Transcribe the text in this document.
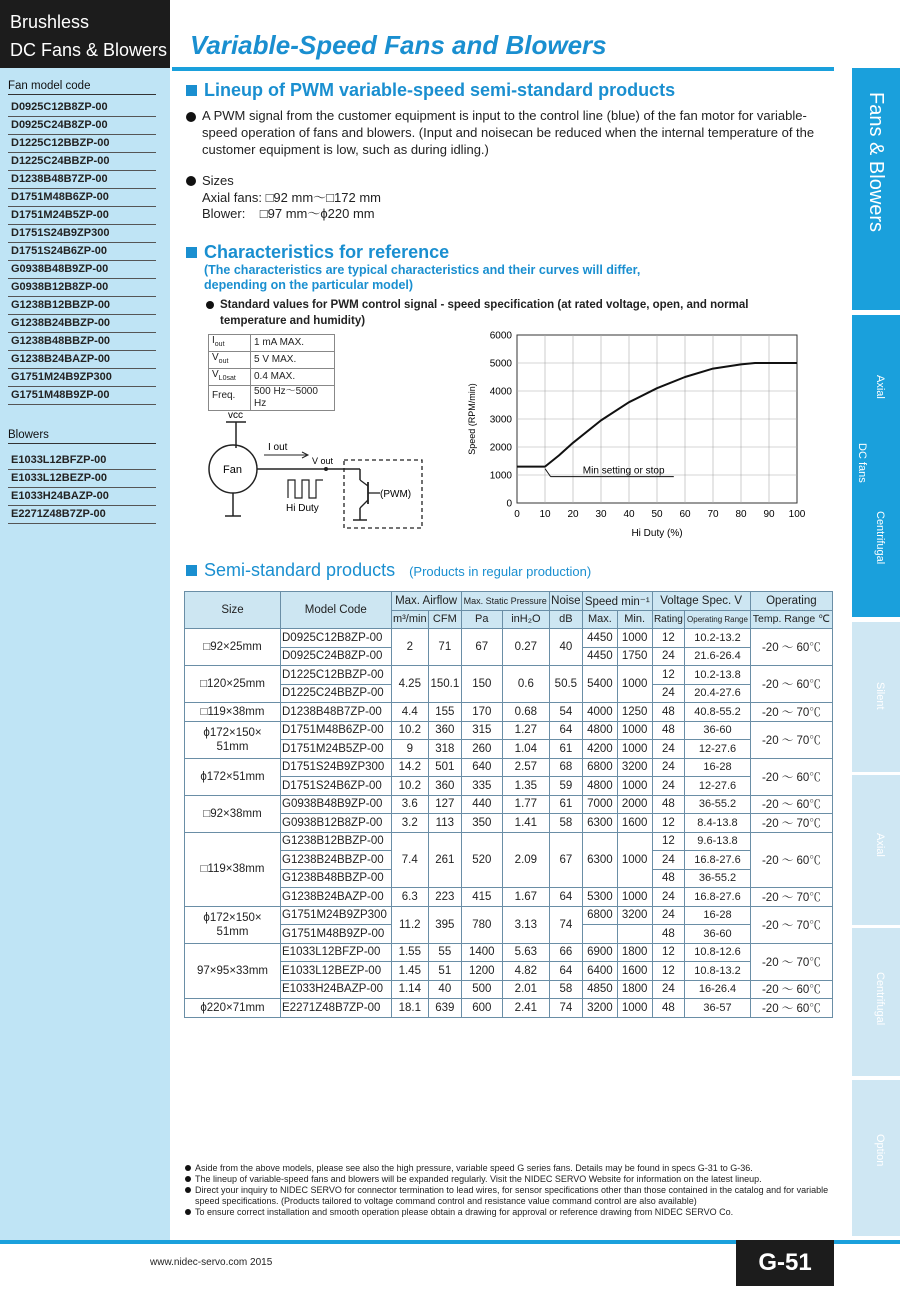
Brushless
DC Fans & Blowers
Fan model code
D0925C12B8ZP-00
D0925C24B8ZP-00
D1225C12BBZP-00
D1225C24BBZP-00
D1238B48B7ZP-00
D1751M48B6ZP-00
D1751M24B5ZP-00
D1751S24B9ZP300
D1751S24B6ZP-00
G0938B48B9ZP-00
G0938B12B8ZP-00
G1238B12BBZP-00
G1238B24BBZP-00
G1238B48BBZP-00
G1238B24BAZP-00
G1751M24B9ZP300
G1751M48B9ZP-00
Blowers
E1033L12BFZP-00
E1033L12BEZP-00
E1033H24BAZP-00
E2271Z48B7ZP-00
Variable-Speed Fans and Blowers
Fans & Blowers
Axial
DC fans
Centrifugal
Silent
Axial
Centrifugal
Option
Lineup of PWM variable-speed semi-standard products
A PWM signal from the customer equipment is input to the control line (blue) of the fan motor for variable-speed operation of fans and blowers. (Input and noisecan be reduced when the internal temperature of the customer equipment is low, such as during idling.)
Sizes
Axial fans: □92 mm～□172 mm
Blower:    □97 mm～ϕ220 mm
Characteristics for reference
(The characteristics are typical characteristics and their curves will differ,
depending on the particular model)
Standard values for PWM control signal - speed specification (at rated voltage, open, and normal
temperature and humidity)
$I_{out}$	1 mA MAX.
$V_{out}$	5 V MAX.
$V_{L0sat}$	0.4 MAX.
Freq.	500 Hz～5000 Hz
vcc
Fan
I out
V out
Hi Duty
(PWM)
0 10 20 30 40 50 60 70 80 90 100
0
1000
2000
3000
4000
5000
6000
Hi Duty (%)
Speed (RPM/min)
Min setting or stop
Semi-standard products (Products in regular production)
Size	Model Code	Max. Airflow		Max. Static Pressure		Noise	Speed min⁻¹		Voltage Spec. V		Operating
		m³/min	CFM	Pa	inH₂O	dB	Max.	Min.	Rating	Operating Range	Temp. Range ℃
□92×25mm	D0925C12B8ZP-00	2	71	67	0.27	40	4450	1000	12	10.2-13.2	-20 ～ 60℃
	D0925C24B8ZP-00						4450	1750	24	21.6-26.4	
□120×25mm	D1225C12BBZP-00	4.25	150.1	150	0.6	50.5	5400	1000	12	10.2-13.8	-20 ～ 60℃
	D1225C24BBZP-00								24	20.4-27.6	
□119×38mm	D1238B48B7ZP-00	4.4	155	170	0.68	54	4000	1250	48	40.8-55.2	-20 ～ 70℃
ϕ172×150×
51mm	D1751M48B6ZP-00	10.2	360	315	1.27	64	4800	1000	48	36-60	-20 ～ 70℃
	D1751M24B5ZP-00	9	318	260	1.04	61	4200	1000	24	12-27.6	
ϕ172×51mm	D1751S24B9ZP300	14.2	501	640	2.57	68	6800	3200	24	16-28	-20 ～ 60℃
	D1751S24B6ZP-00	10.2	360	335	1.35	59	4800	1000	24	12-27.6	
□92×38mm	G0938B48B9ZP-00	3.6	127	440	1.77	61	7000	2000	48	36-55.2	-20 ～ 60℃
	G0938B12B8ZP-00	3.2	113	350	1.41	58	6300	1600	12	8.4-13.8	-20 ～ 70℃
□119×38mm	G1238B12BBZP-00	7.4	261	520	2.09	67	6300	1000	12	9.6-13.8	-20 ～ 60℃
	G1238B24BBZP-00								24	16.8-27.6	
	G1238B48BBZP-00								48	36-55.2	
	G1238B24BAZP-00	6.3	223	415	1.67	64	5300	1000	24	16.8-27.6	-20 ～ 70℃
ϕ172×150×
51mm	G1751M24B9ZP300	11.2	395	780	3.13	74	6800	3200	24	16-28	-20 ～ 70℃
	G1751M48B9ZP-00								48	36-60	
97×95×33mm	E1033L12BFZP-00	1.55	55	1400	5.63	66	6900	1800	12	10.8-12.6	-20 ～ 70℃
	E1033L12BEZP-00	1.45	51	1200	4.82	64	6400	1600	12	10.8-13.2	
	E1033H24BAZP-00	1.14	40	500	2.01	58	4850	1800	24	16-26.4	-20 ～ 60℃
ϕ220×71mm	E2271Z48B7ZP-00	18.1	639	600	2.41	74	3200	1000	48	36-57	-20 ～ 60℃
Aside from the above models, please see also the high pressure, variable speed G series fans. Details may be found in specs G-31 to G-36.
The lineup of variable-speed fans and blowers will be expanded regularly. Visit the NIDEC SERVO Website for information on the latest lineup.
Direct your inquiry to NIDEC SERVO for connector termination to lead wires, for sensor specifications other than those contained in the catalog and for variable speed specifications. (Products tailored to voltage command control and resistance value command control are also available)
To ensure correct installation and smooth operation please obtain a drawing for approval or reference drawing from NIDEC SERVO Co.
www.nidec-servo.com 2015	G-51
